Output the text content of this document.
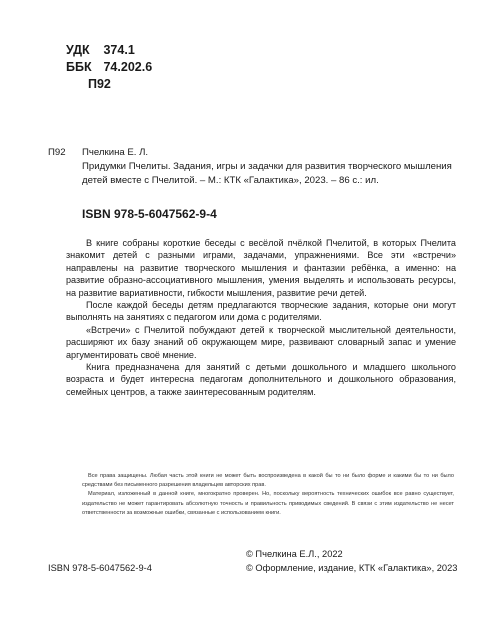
УДК 374.1
ББК 74.202.6
П92
П92 Пчелкина Е. Л.
Придумки Пчелиты. Задания, игры и задачки для развития творческого мышления
детей вместе с Пчелитой. – М.: КТК «Галактика», 2023. – 86 с.: ил.
ISBN 978-5-6047562-9-4

В книге собраны короткие беседы с весёлой пчёлкой Пчелитой, в которых Пчелита знакомит детей с разными играми, задачами, упражнениями. Все эти «встречи» направлены на развитие творческого мышления и фантазии ребёнка, а именно: на развитие образно-ассоциативного мышления, умения выделять и использовать ресурсы, на развитие вариативности, гибкости мышления, развитие речи детей.

После каждой беседы детям предлагаются творческие задания, которые они могут выполнять на занятиях с педагогом или дома с родителями.

«Встречи» с Пчелитой побуждают детей к творческой мыслительной деятельности, расширяют их базу знаний об окружающем мире, развивают словарный запас и умение аргументировать своё мнение.

Книга предназначена для занятий с детьми дошкольного и младшего школьного возраста и будет интересна педагогам дополнительного и дошкольного образования, семейных центров, а также заинтересованным родителям.

Все права защищены. Любая часть этой книги не может быть воспроизведена в какой бы то ни было форме и какими бы то ни было средствами без письменного разрешения владельцев авторских прав.

Материал, изложенный в данной книге, многократно проверен. Но, поскольку вероятность технических ошибок все равно существует, издательство не может гарантировать абсолютную точность и правильность приводимых сведений. В связи с этим издательство не несет ответственности за возможные ошибки, связанные с использованием книги.

ISBN 978-5-6047562-9-4
© Пчелкина Е.Л., 2022
© Оформление, издание, КТК «Галактика», 2023
